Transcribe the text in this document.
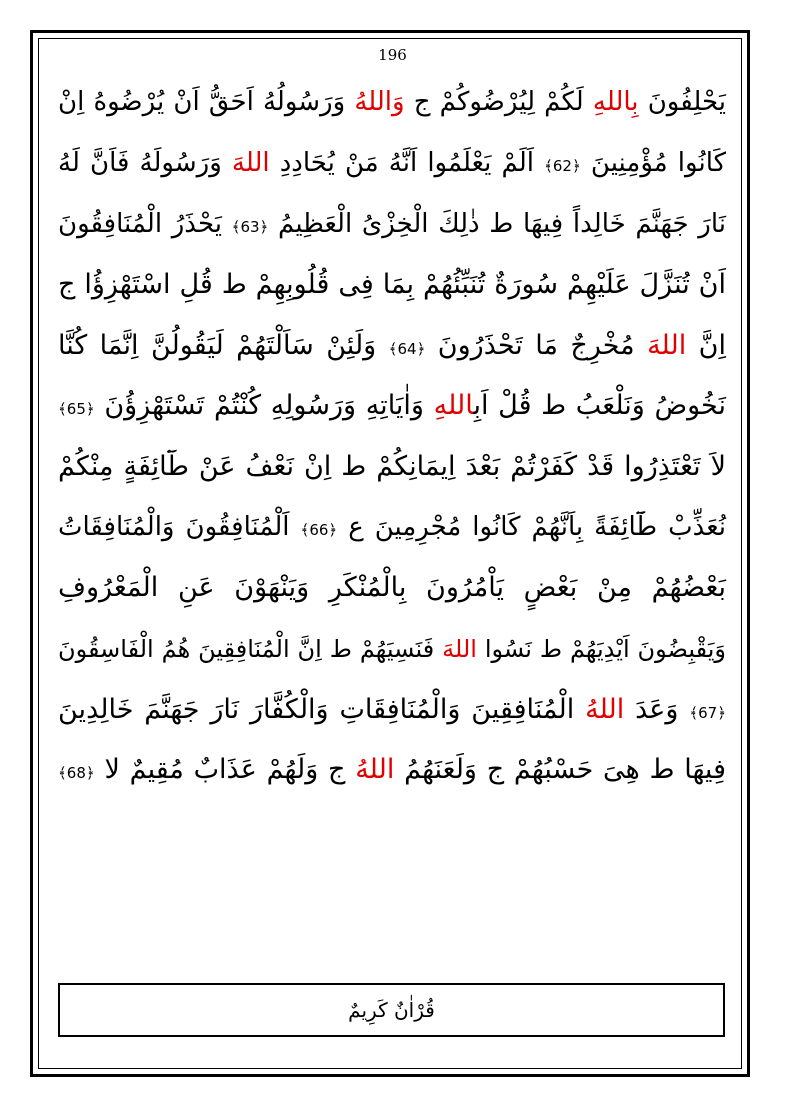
196
يَحْلِفُونَ بِاللهِ لَكُمْ لِيُرْضُوكُمْ ج وَاللهُ وَرَسُولُهُ اَحَقُّ اَنْ يُرْضُوهُ اِنْ
كَانُوا مُؤْمِنِينَ ﴿62﴾ اَلَمْ يَعْلَمُوا اَنَّهُ مَنْ يُحَادِدِ اللهَ وَرَسُولَهُ فَاَنَّ لَهُ
نَارَ جَهَنَّمَ خَالِداً فِيهَا ط ذٰلِكَ الْخِزْىُ الْعَظِيمُ ﴿63﴾ يَحْذَرُ الْمُنَافِقُونَ
اَنْ تُنَزَّلَ عَلَيْهِمْ سُورَةٌ تُنَبِّئُهُمْ بِمَا فِى قُلُوبِهِمْ ط قُلِ اسْتَهْزِؤُا ج
اِنَّ اللهَ مُخْرِجٌ مَا تَحْذَرُونَ ﴿64﴾ وَلَئِنْ سَاَلْتَهُمْ لَيَقُولُنَّ اِنَّمَا كُنَّا
نَخُوضُ وَنَلْعَبُ ط قُلْ اَبِاللهِ وَاٰيَاتِهِ وَرَسُولِهِ كُنْتُمْ تَسْتَهْزِؤُنَ ﴿65﴾
لاَ تَعْتَذِرُوا قَدْ كَفَرْتُمْ بَعْدَ اِيمَانِكُمْ ط اِنْ نَعْفُ عَنْ طَٓائِفَةٍ مِنْكُمْ
نُعَذِّبْ طَٓائِفَةً بِاَنَّهُمْ كَانُوا مُجْرِمِينَ ع ﴿66﴾ اَلْمُنَافِقُونَ وَالْمُنَافِقَاتُ
بَعْضُهُمْ مِنْ بَعْضٍ يَاْمُرُونَ بِالْمُنْكَرِ وَيَنْهَوْنَ عَنِ الْمَعْرُوفِ
وَيَقْبِضُونَ اَيْدِيَهُمْ ط نَسُوا اللهَ فَنَسِيَهُمْ ط اِنَّ الْمُنَافِقِينَ هُمُ الْفَاسِقُونَ
﴿67﴾ وَعَدَ اللهُ الْمُنَافِقِينَ وَالْمُنَافِقَاتِ وَالْكُفَّارَ نَارَ جَهَنَّمَ خَالِدِينَ
فِيهَا ط هِىَ حَسْبُهُمْ ج وَلَعَنَهُمُ اللهُ ج وَلَهُمْ عَذَابٌ مُقِيمٌ لا ﴿68﴾
قُرْاٰنٌ كَرِيمٌ
